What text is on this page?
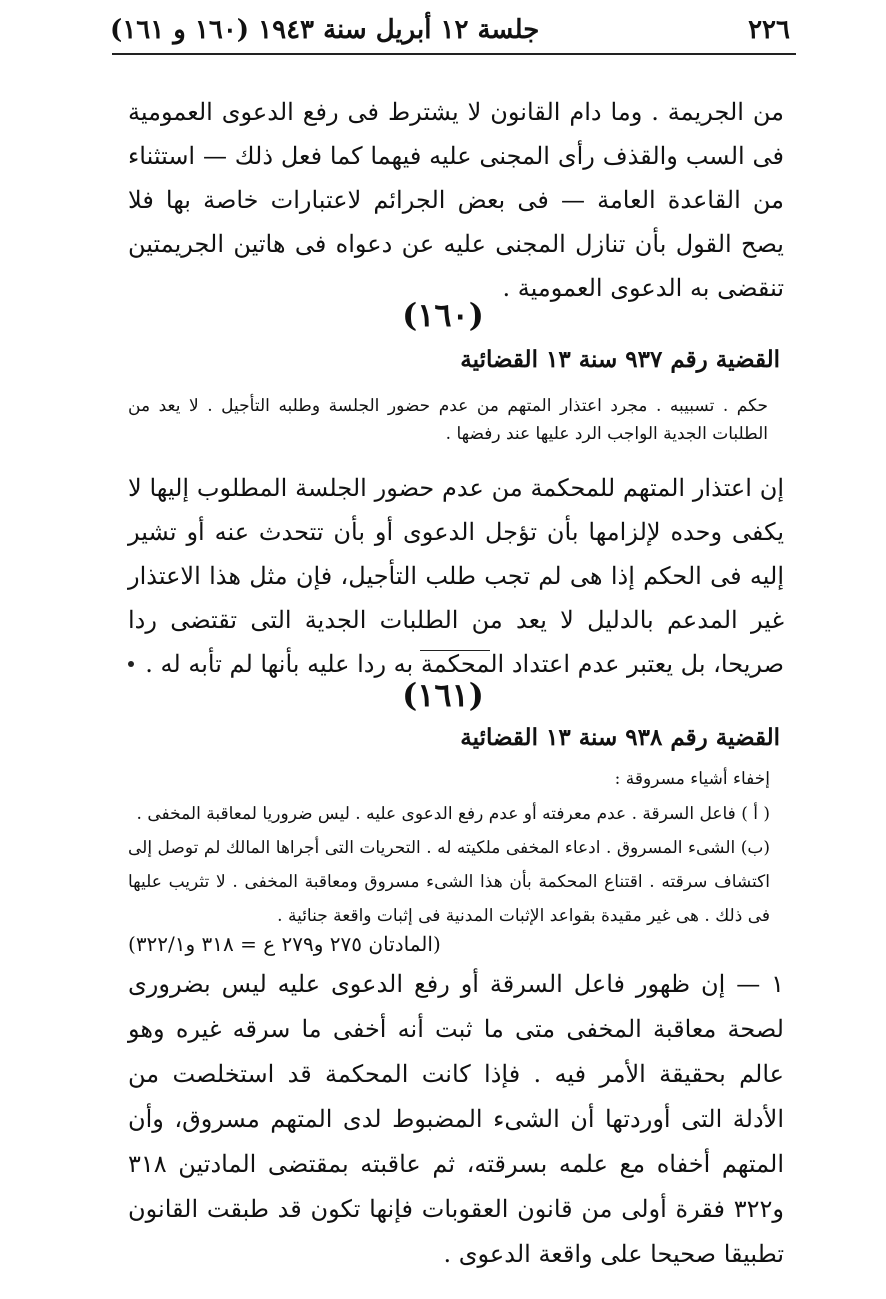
٢٢٦
جلسة ١٢ أبريل سنة ١٩٤٣ (١٦٠ و ١٦١)
من الجريمة . وما دام القانون لا يشترط فى رفع الدعوى العمومية فى السب والقذف رأى المجنى عليه فيهما كما فعل ذلك — استثناء من القاعدة العامة — فى بعض الجرائم لاعتبارات خاصة بها فلا يصح القول بأن تنازل المجنى عليه عن دعواه فى هاتين الجريمتين تنقضى به الدعوى العمومية .
(١٦٠)
القضية رقم ٩٣٧ سنة ١٣ القضائية
حكم . تسبيبه . مجرد اعتذار المتهم من عدم حضور الجلسة وطلبه التأجيل . لا يعد من الطلبات الجدية الواجب الرد عليها عند رفضها .
إن اعتذار المتهم للمحكمة من عدم حضور الجلسة المطلوب إليها لا يكفى وحده لإلزامها بأن تؤجل الدعوى أو بأن تتحدث عنه أو تشير إليه فى الحكم إذا هى لم تجب طلب التأجيل، فإن مثل هذا الاعتذار غير المدعم بالدليل لا يعد من الطلبات الجدية التى تقتضى ردا صريحا، بل يعتبر عدم اعتداد المحكمة به ردا عليه بأنها لم تأبه له .
(١٦١)
القضية رقم ٩٣٨ سنة ١٣ القضائية
إخفاء أشياء مسروقة :
( أ ) فاعل السرقة . عدم معرفته أو عدم رفع الدعوى عليه . ليس ضروريا لمعاقبة المخفى .
(ب) الشىء المسروق . ادعاء المخفى ملكيته له . التحريات التى أجراها المالك لم توصل إلى اكتشاف سرقته . اقتناع المحكمة بأن هذا الشىء مسروق ومعاقبة المخفى . لا تثريب عليها فى ذلك . هى غير مقيدة بقواعد الإثبات المدنية فى إثبات واقعة جنائية .
(المادتان ٢٧٥ و٢٧٩ ع = ٣١٨ و٣٢٢/١)
١ — إن ظهور فاعل السرقة أو رفع الدعوى عليه ليس بضرورى لصحة معاقبة المخفى متى ما ثبت أنه أخفى ما سرقه غيره وهو عالم بحقيقة الأمر فيه . فإذا كانت المحكمة قد استخلصت من الأدلة التى أوردتها أن الشىء المضبوط لدى المتهم مسروق، وأن المتهم أخفاه مع علمه بسرقته، ثم عاقبته بمقتضى المادتين ٣١٨ و٣٢٢ فقرة أولى من قانون العقوبات فإنها تكون قد طبقت القانون تطبيقا صحيحا على واقعة الدعوى .
